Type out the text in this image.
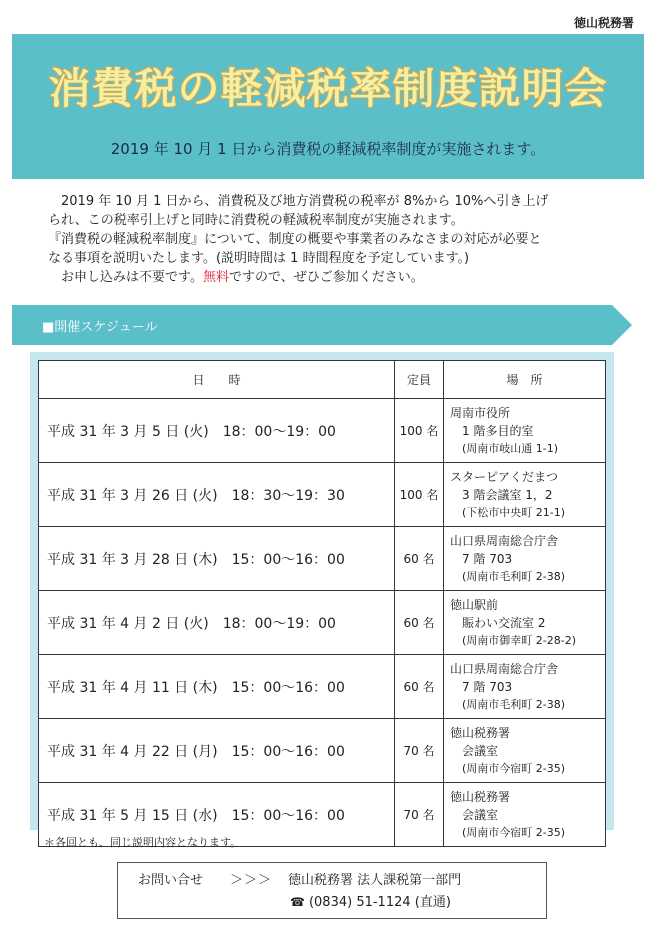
徳山税務署
消費税の軽減税率制度説明会
2019 年 10 月 1 日から消費税の軽減税率制度が実施されます。

　2019 年 10 月 1 日から、消費税及び地方消費税の税率が 8%から 10%へ引き上げ

られ、この税率引上げと同時に消費税の軽減税率制度が実施されます。

『消費税の軽減税率制度』について、制度の概要や事業者のみなさまの対応が必要と

なる事項を説明いたします。(説明時間は 1 時間程度を予定しています。)

　お申し込みは不要です。無料ですので、ぜひご参加ください。

■開催スケジュール
日　　時	定員	場　所
平成 31 年 3 月 5 日 (火)　18：00～19：00	100 名	周南市役所
1 階多目的室
(周南市岐山通 1-1)

平成 31 年 3 月 26 日 (火)　18：30～19：30	100 名	スターピアくだまつ
3 階会議室 1，2
(下松市中央町 21-1)

平成 31 年 3 月 28 日 (木)　15：00～16：00	60 名	山口県周南総合庁舎
7 階 703
(周南市毛利町 2-38)

平成 31 年 4 月 2 日 (火)　18：00～19：00	60 名	徳山駅前
賑わい交流室 2
(周南市御幸町 2-28-2)

平成 31 年 4 月 11 日 (木)　15：00～16：00	60 名	山口県周南総合庁舎
7 階 703
(周南市毛利町 2-38)

平成 31 年 4 月 22 日 (月)　15：00～16：00	70 名	徳山税務署
会議室
(周南市今宿町 2-35)

平成 31 年 5 月 15 日 (水)　15：00～16：00	70 名	徳山税務署
会議室
(周南市今宿町 2-35)
＊各回とも、同じ説明内容となります。
お問い合せ ＞＞＞ 徳山税務署 法人課税第一部門
☎ (0834) 51-1124 (直通)
